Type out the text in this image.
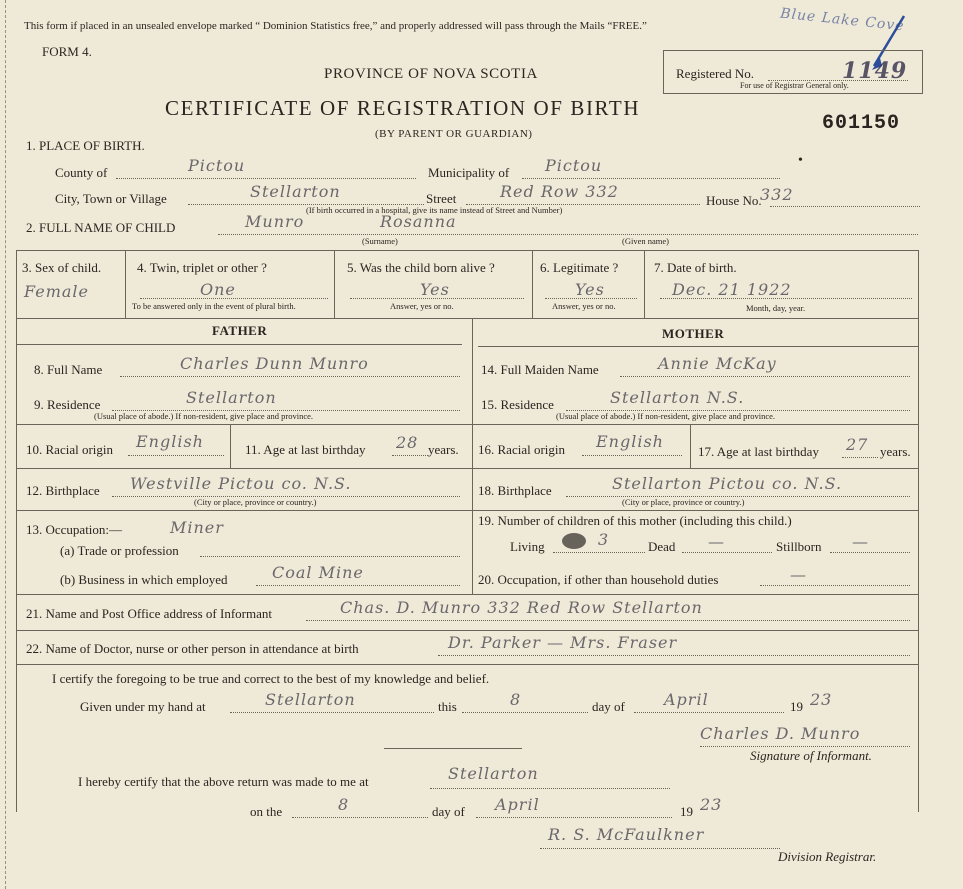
This form if placed in an unsealed envelope marked “ Dominion Statistics free,” and properly addressed will pass through the Mails “FREE.”	Blue Lake Cove
FORM 4.
PROVINCE OF NOVA SCOTIA
CERTIFICATE OF REGISTRATION OF BIRTH
(BY PARENT OR GUARDIAN)
Registered No.	1149
For use of Registrar General only.
601150
1. PLACE OF BIRTH.
County of	Pictou	Municipality of Pictou	•
City, Town or Village	Stellarton	Street	Red Row 332	House No.
332
(If birth occurred in a hospital, give its name instead of Street and Number)
2. FULL NAME OF CHILD	Munro	Rosanna
(Surname)	(Given name)
3. Sex of child.
Female
4. Twin, triplet or other ?
One
To be answered only in the event of plural birth.
5. Was the child born alive ?
Yes
Answer, yes or no.
6. Legitimate ?
Yes
Answer, yes or no.
7. Date of birth.
Dec. 21 1922
Month, day, year.
FATHER	MOTHER
8. Full Name	Charles Dunn Munro
9. Residence	Stellarton
(Usual place of abode.) If non-resident, give place and province.
10. Racial origin English	11. Age at last birthday 28 years.
12. Birthplace Westville Pictou co. N.S.
(City or place, province or country.)
13. Occupation:—	Miner
(a) Trade or profession
(b) Business in which employed	Coal Mine
14. Full Maiden Name	Annie McKay
15. Residence	Stellarton N.S.
(Usual place of abode.) If non-resident, give place and province.
16. Racial origin English
17. Age at last birthday 27 years.
18. Birthplace	Stellarton Pictou co. N.S.
(City or place, province or country.)
19. Number of children of this mother (including this child.)
Living	3	Dead —	Stillborn —
20. Occupation, if other than household duties	—
21. Name and Post Office address of Informant	Chas. D. Munro 332 Red Row Stellarton
22. Name of Doctor, nurse or other person in attendance at birth	Dr. Parker — Mrs. Fraser
I certify the foregoing to be true and correct to the best of my knowledge and belief.
Given under my hand at	Stellarton	this	8	day of April	19 23
Charles D. Munro
Signature of Informant.
I hereby certify that the above return was made to me at	Stellarton
on the	8	day of April	19 23
R. S. McFaulkner
Division Registrar.
